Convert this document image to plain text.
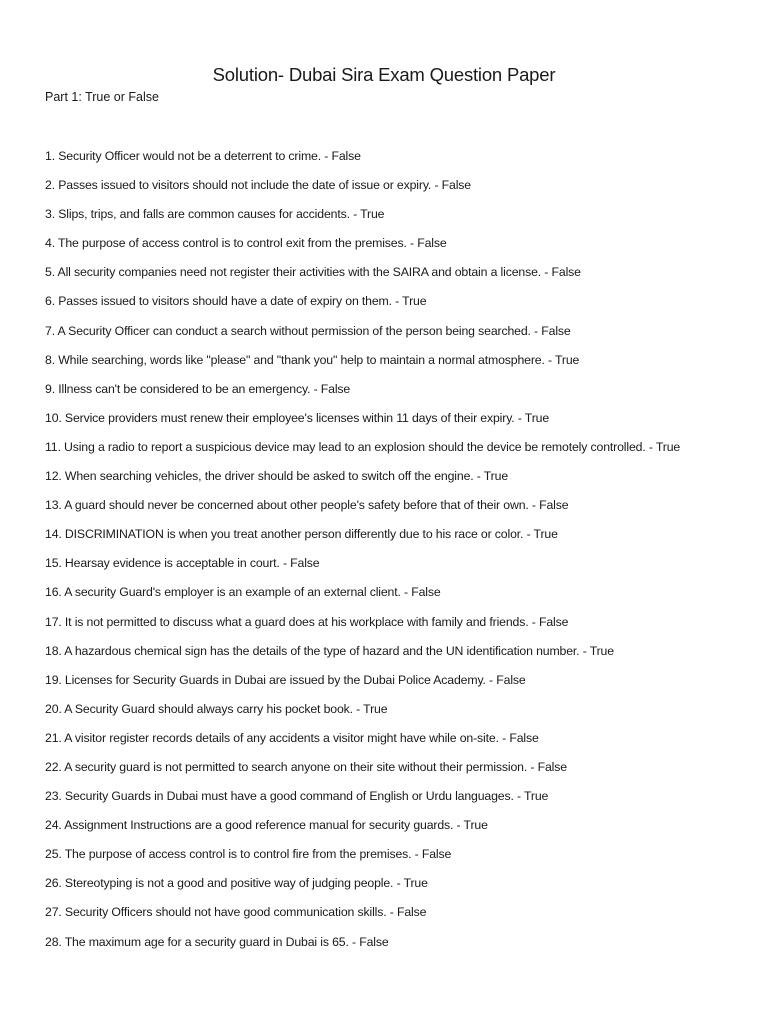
Solution- Dubai Sira Exam Question Paper
Part 1: True or False
1. Security Officer would not be a deterrent to crime. - False
2. Passes issued to visitors should not include the date of issue or expiry. - False
3. Slips, trips, and falls are common causes for accidents. - True
4. The purpose of access control is to control exit from the premises. - False
5. All security companies need not register their activities with the SAIRA and obtain a license. - False
6. Passes issued to visitors should have a date of expiry on them. - True
7. A Security Officer can conduct a search without permission of the person being searched. - False
8. While searching, words like "please" and "thank you" help to maintain a normal atmosphere. - True
9. Illness can't be considered to be an emergency. - False
10. Service providers must renew their employee's licenses within 11 days of their expiry. - True
11. Using a radio to report a suspicious device may lead to an explosion should the device be remotely controlled. - True
12. When searching vehicles, the driver should be asked to switch off the engine. - True
13. A guard should never be concerned about other people's safety before that of their own. - False
14. DISCRIMINATION is when you treat another person differently due to his race or color. - True
15. Hearsay evidence is acceptable in court. - False
16. A security Guard's employer is an example of an external client. - False
17. It is not permitted to discuss what a guard does at his workplace with family and friends. - False
18. A hazardous chemical sign has the details of the type of hazard and the UN identification number. - True
19. Licenses for Security Guards in Dubai are issued by the Dubai Police Academy. - False
20. A Security Guard should always carry his pocket book. - True
21. A visitor register records details of any accidents a visitor might have while on-site. - False
22. A security guard is not permitted to search anyone on their site without their permission. - False
23. Security Guards in Dubai must have a good command of English or Urdu languages. - True
24. Assignment Instructions are a good reference manual for security guards. - True
25. The purpose of access control is to control fire from the premises. - False
26. Stereotyping is not a good and positive way of judging people. - True
27. Security Officers should not have good communication skills. - False
28. The maximum age for a security guard in Dubai is 65. - False
